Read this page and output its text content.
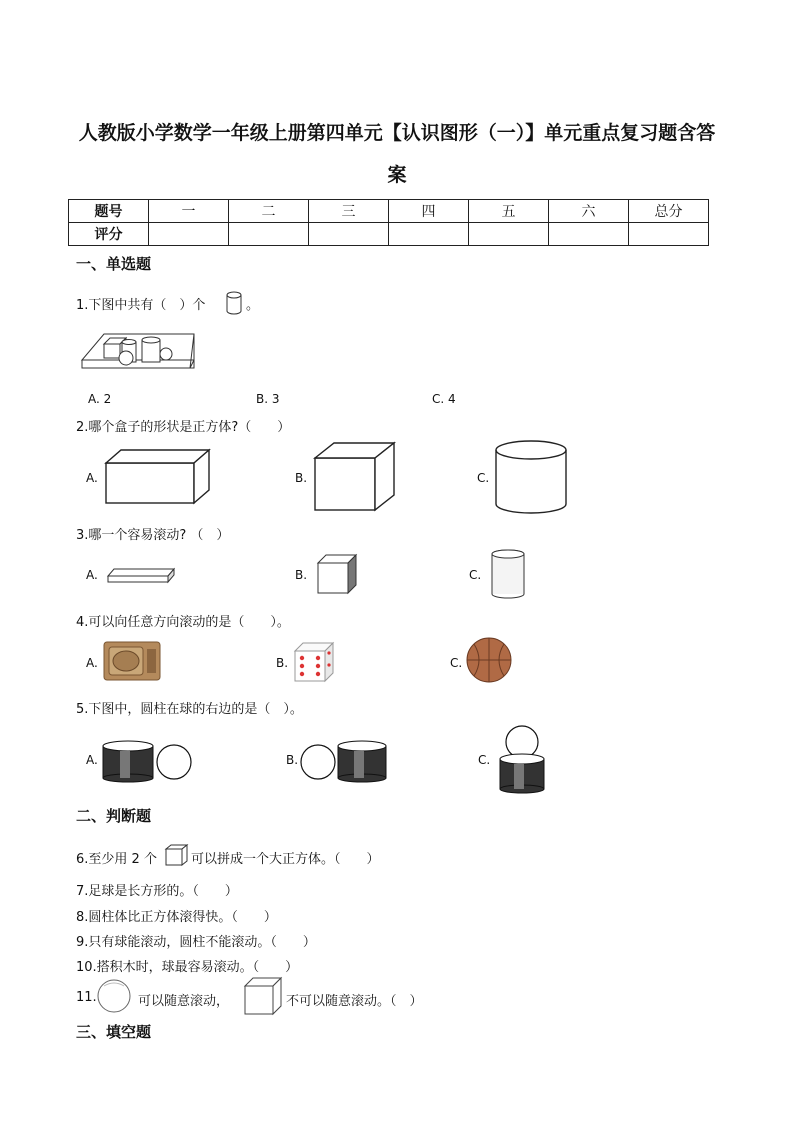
人教版小学数学一年级上册第四单元【认识图形（一）】单元重点复习题含答
案
题号	一	二	三	四	五	六	总分
评分							
一、单选题
1.下图中共有（　）个	。
A. 2	B. 3	C. 4
2.哪个盒子的形状是正方体?（　　）
A.	B.	C.
3.哪一个容易滚动? （　）
A.	B.	C.
4.可以向任意方向滚动的是（　　）。
A.	B.	C.
5.下图中，圆柱在球的右边的是（　）。
A.	B.	C.
二、判断题
6.至少用 2 个	可以拼成一个大正方体。（　　）
7.足球是长方形的。（　　）
8.圆柱体比正方体滚得快。（　　）
9.只有球能滚动，圆柱不能滚动。（　　）
10.搭积木时，球最容易滚动。（　　）
11.	可以随意滚动，	不可以随意滚动。（　）
三、填空题
